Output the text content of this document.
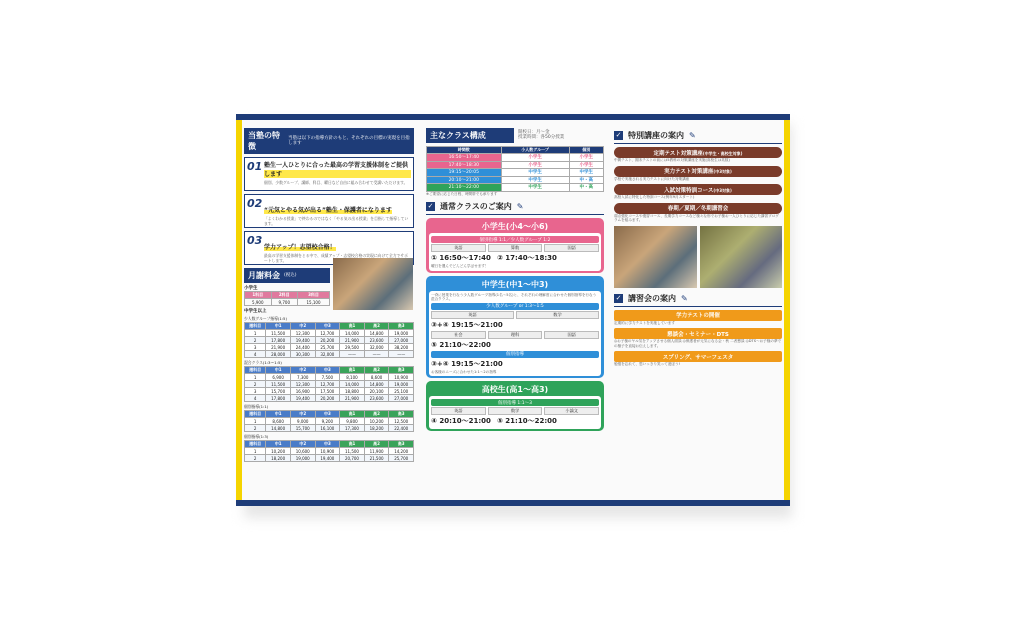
当塾の特徴
当塾は以下の指導方針のもと、それぞれの目標の実現を目指します
01 塾生一人ひとりに合った最高の学習支援体制をご提供します
個別、少数グループ、講師、科目、曜日など自由に組み合わせて受講いただけます。
02
“元気とやる気が出る”塾生・保護者になります
「よくわかる授業」で終わるのではなく「やる気の出る授業」を目指して指導しています。
03
学力アップ！志望校合格！
最高の学習支援体制をとる中で、成績アップ・志望校合格の実現に向けて全力でサポートします。
月謝料金 (税込)
小学生
1科目	2科目	3科目
5,900	9,700	15,100
中学生以上
少人数グループ指導(1:5)
週科目	中1	中2	中3	高1	高2	高3
1	11,500	12,300	12,700	14,000	14,800	19,000
2	17,800	19,400	20,200	21,900	23,600	27,000
3	21,900	24,400	25,700	29,500	32,000	38,200
4	28,000	30,300	32,000	——	——	——
混合クラス(1:3〜1:5)
週科目	中1	中2	中3	高1	高2	高3
1	6,900	7,300	7,500	8,100	8,600	10,900
2	11,500	12,300	12,700	14,000	14,800	19,000
3	15,700	16,900	17,500	18,800	20,100	25,100
4	17,800	19,400	20,200	21,900	23,600	27,000
個別指導(1:1)
週科目	中1	中2	中3	高1	高2	高3
1	8,600	9,000	9,200	9,800	10,200	12,500
2	14,800	15,700	16,100	17,300	18,200	22,400
個別指導(1:3)
週科目	中1	中2	中3	高1	高2	高3
1	10,200	10,600	10,900	11,500	11,900	14,200
2	18,200	19,000	19,400	20,700	21,500	25,700
主なクラス構成	開校日：月〜金
授業時間：各50分授業
時間数	小人数グループ	個別
16:50〜17:40	小学生	小学生
17:40〜18:30	小学生	小学生
19:15〜20:05	中学生	中学生
20:10〜21:00	中学生	中・高
21:10〜22:00	中学生	中・高
※ご要望に応じた日程、時間帯でも承ります
✓ 通常クラスのご案内 ✎
小学生(小4〜小6)
個別指導 1:1／少人数グループ 1:2
英語	算数	国語
① 16:50〜17:40 ② 17:40〜18:30
曜日を選んでどんどん学ばせます！
中学生(中1〜中3)
一斉に授業を行なう少人数グループ指導(1名〜5名)と、それぞれの理解度に合わせた個別指導を行なう混合クラス。
少人数グループ or 1:3〜1:5
英語	数学
③+④ 19:15〜21:00
社会	理科	国語
⑤ 21:10〜22:00
個別指導
③+④ 19:15〜21:00
お客様のニーズに合わせた1:1〜2の指導
高校生(高1〜高3)
個別指導 1:1〜3
英語	数学	小論文
④ 20:10〜21:00 ⑤ 21:10〜22:00
✓ 特別講座の案内 ✎
定期テスト対策講座(中学生・高校生対象)
中間テスト、期末テストの前には5教科の対策講座を実施(高校生は英数)
実力テスト対策講座(中3対象)
学校で実施される実力テストに向けた対策講座
入試対策特訓コース(中3対象)
高校入試に特化した特訓コース(例年9月スタート)
春期／夏期／冬期講習会
弱点強化コースや復習コース、長期学力コースなど様々な形でお子様お一人ひとりに応じた講習プログラムを組みます。
✓ 講習会の案内 ✎
学力テストの開催
定期的に学力テストを実施しています
懇談会・セミナー・DTS
◎お子様のヤル気をアップさせる個人面談 ◎保護者が元気になる会・秋 二者懇談 ◎DTS〜お子様の夢での様子を直接お伝えします。
スプリング、サマーフェスタ
勉強を忘れて、思いっきり笑って遊ぼう!
